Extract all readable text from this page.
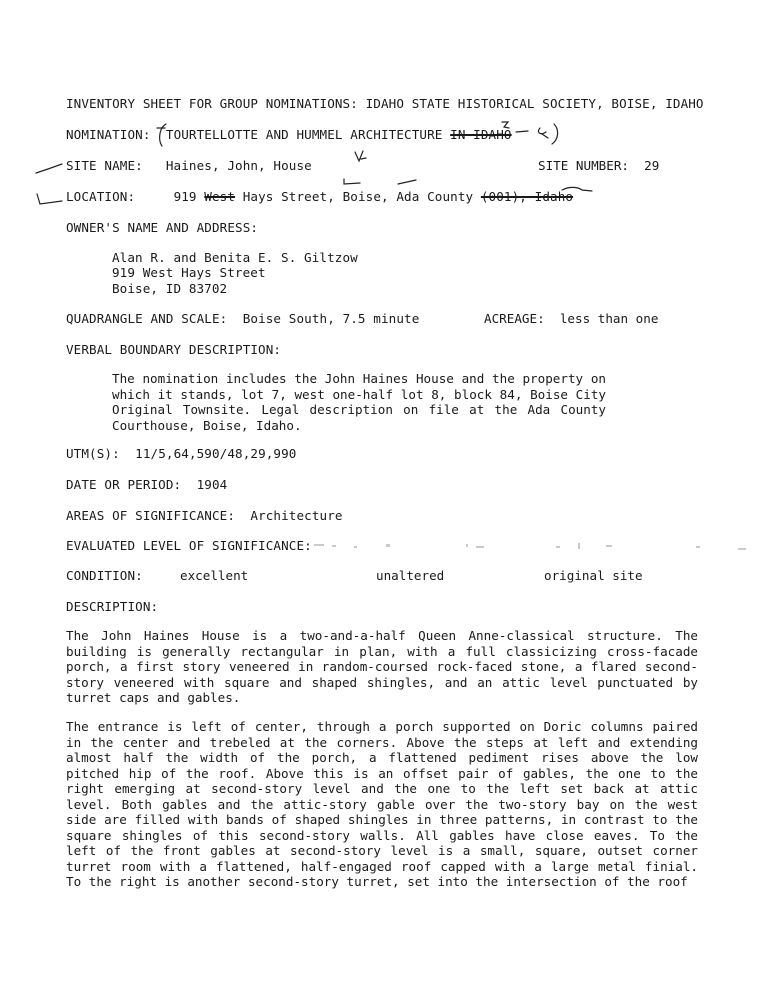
INVENTORY SHEET FOR GROUP NOMINATIONS: IDAHO STATE HISTORICAL SOCIETY, BOISE, IDAHO
NOMINATION: TOURTELLOTTE AND HUMMEL ARCHITECTURE IN IDAHO
SITE NAME: Haines, John, House	SITE NUMBER: 29
LOCATION:	919 West Hays Street, Boise, Ada County (001), Idaho
OWNER'S NAME AND ADDRESS:
Alan R. and Benita E. S. Giltzow
919 West Hays Street
Boise, ID 83702
QUADRANGLE AND SCALE: Boise South, 7.5 minute	ACREAGE: less than one
VERBAL BOUNDARY DESCRIPTION:
The nomination includes the John Haines House and the property on which it stands, lot 7, west one-half lot 8, block 84, Boise City Original Townsite. Legal description on file at the Ada County Courthouse, Boise, Idaho.
UTM(S): 11/5,64,590/48,29,990
DATE OR PERIOD: 1904
AREAS OF SIGNIFICANCE: Architecture
EVALUATED LEVEL OF SIGNIFICANCE:
CONDITION:	excellent	unaltered	original site
DESCRIPTION:
The John Haines House is a two-and-a-half Queen Anne-classical structure. The building is generally rectangular in plan, with a full classicizing cross-facade porch, a first story veneered in random-coursed rock-faced stone, a flared second-story veneered with square and shaped shingles, and an attic level punctuated by turret caps and gables.
The entrance is left of center, through a porch supported on Doric columns paired in the center and trebeled at the corners. Above the steps at left and extending almost half the width of the porch, a flattened pediment rises above the low pitched hip of the roof. Above this is an offset pair of gables, the one to the right emerging at second-story level and the one to the left set back at attic level. Both gables and the attic-story gable over the two-story bay on the west side are filled with bands of shaped shingles in three patterns, in contrast to the square shingles of this second-story walls. All gables have close eaves. To the left of the front gables at second-story level is a small, square, outset corner turret room with a flattened, half-engaged roof capped with a large metal finial. To the right is another second-story turret, set into the intersection of the roof
